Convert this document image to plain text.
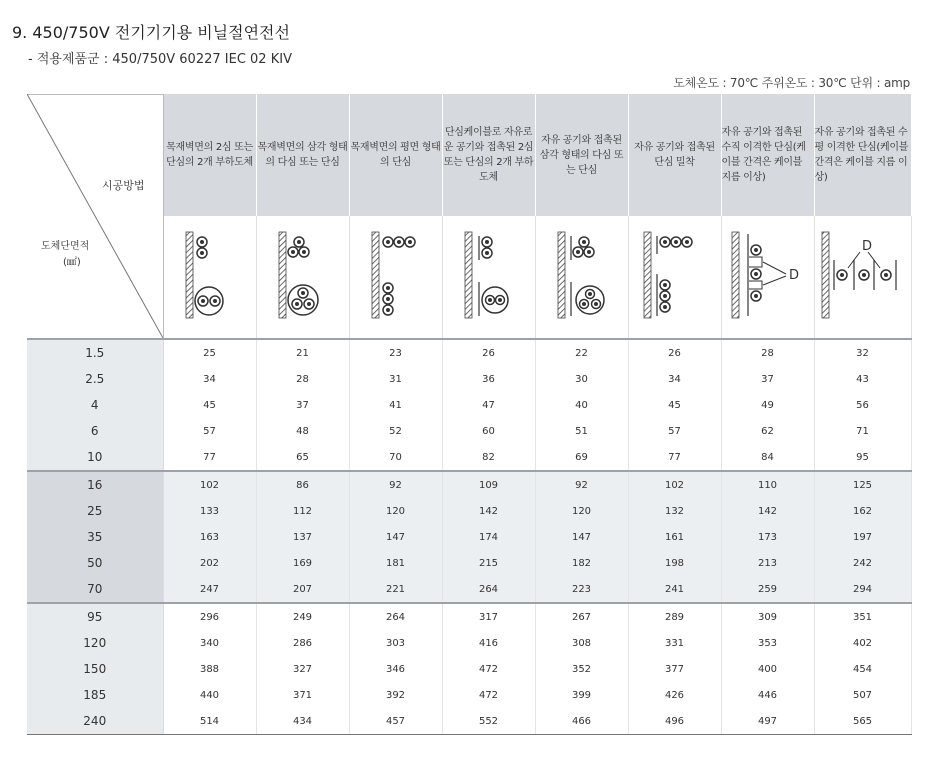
9. 450/750V 전기기기용 비닐절연전선
- 적용제품군 : 450/750V 60227 IEC 02 KIV
도체온도 : 70℃ 주위온도 : 30℃ 단위 : amp
시공방법
도체단면적
(㎟)	목재벽면의 2심 또는 단심의 2개 부하도체	목재벽면의 삼각 형태의 다심 또는 단심	목재벽면의 평면 형태의 단심	단심케이블로 자유로운 공기와 접촉된 2심 또는 단심의 2개 부하도체	자유 공기와 접촉된 삼각 형태의 다심 또는 단심	자유 공기와 접촉된 단심 밀착	자유 공기와 접촉된 수직 이격한 단심(케이블 간격은 케이블 지름 이상)	자유 공기와 접촉된 수평 이격한 단심(케이블 간격은 케이블 지름 이상)

D	D

1.5	25	21	23	26	22	26	28	32
2.5	34	28	31	36	30	34	37	43
4	45	37	41	47	40	45	49	56
6	57	48	52	60	51	57	62	71
10	77	65	70	82	69	77	84	95
16	102	86	92	109	92	102	110	125
25	133	112	120	142	120	132	142	162
35	163	137	147	174	147	161	173	197
50	202	169	181	215	182	198	213	242
70	247	207	221	264	223	241	259	294
95	296	249	264	317	267	289	309	351
120	340	286	303	416	308	331	353	402
150	388	327	346	472	352	377	400	454
185	440	371	392	472	399	426	446	507
240	514	434	457	552	466	496	497	565
